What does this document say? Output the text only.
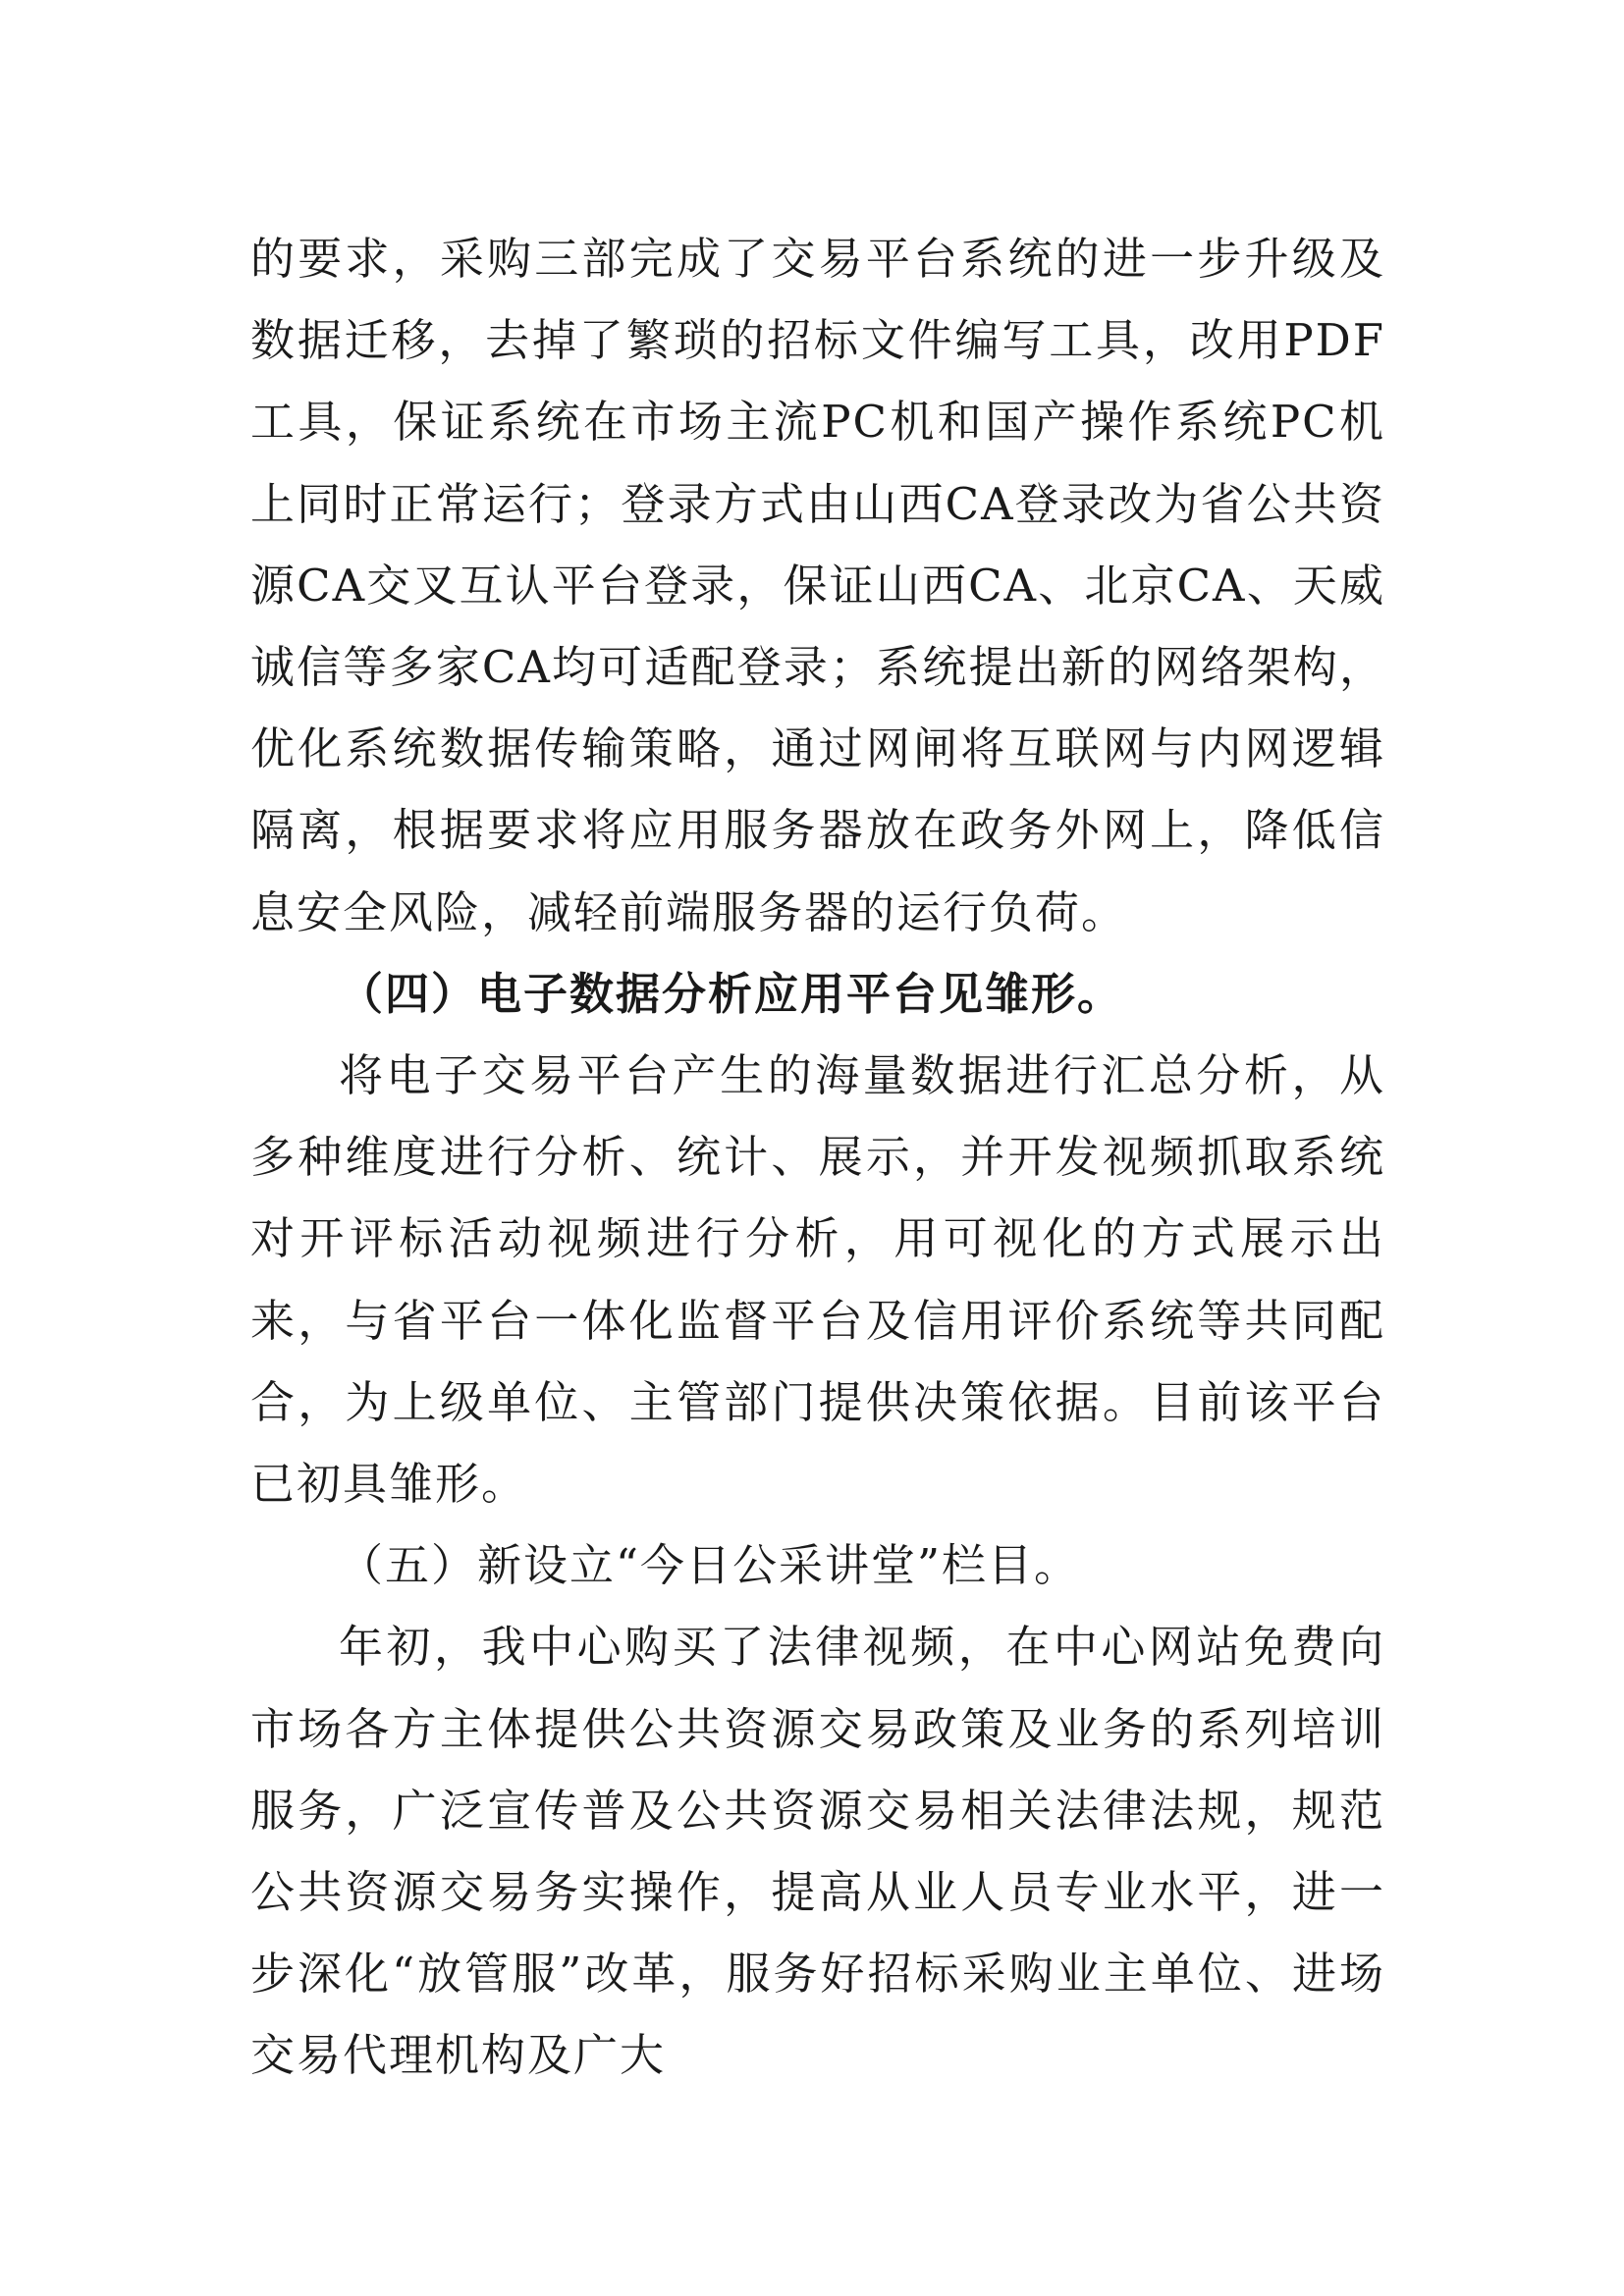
的要求，采购三部完成了交易平台系统的进一步升级及数据迁移，去掉了繁琐的招标文件编写工具，改用PDF工具，保证系统在市场主流PC机和国产操作系统PC机上同时正常运行；登录方式由山西CA登录改为省公共资源CA交叉互认平台登录，保证山西CA、北京CA、天威诚信等多家CA均可适配登录；系统提出新的网络架构，优化系统数据传输策略，通过网闸将互联网与内网逻辑隔离，根据要求将应用服务器放在政务外网上，降低信息安全风险，减轻前端服务器的运行负荷。

（四）电子数据分析应用平台见雏形。

将电子交易平台产生的海量数据进行汇总分析，从多种维度进行分析、统计、展示，并开发视频抓取系统对开评标活动视频进行分析，用可视化的方式展示出来，与省平台一体化监督平台及信用评价系统等共同配合，为上级单位、主管部门提供决策依据。目前该平台已初具雏形。

（五）新设立“今日公采讲堂”栏目。

年初，我中心购买了法律视频，在中心网站免费向市场各方主体提供公共资源交易政策及业务的系列培训服务，广泛宣传普及公共资源交易相关法律法规，规范公共资源交易务实操作，提高从业人员专业水平，进一步深化“放管服”改革，服务好招标采购业主单位、进场交易代理机构及广大
